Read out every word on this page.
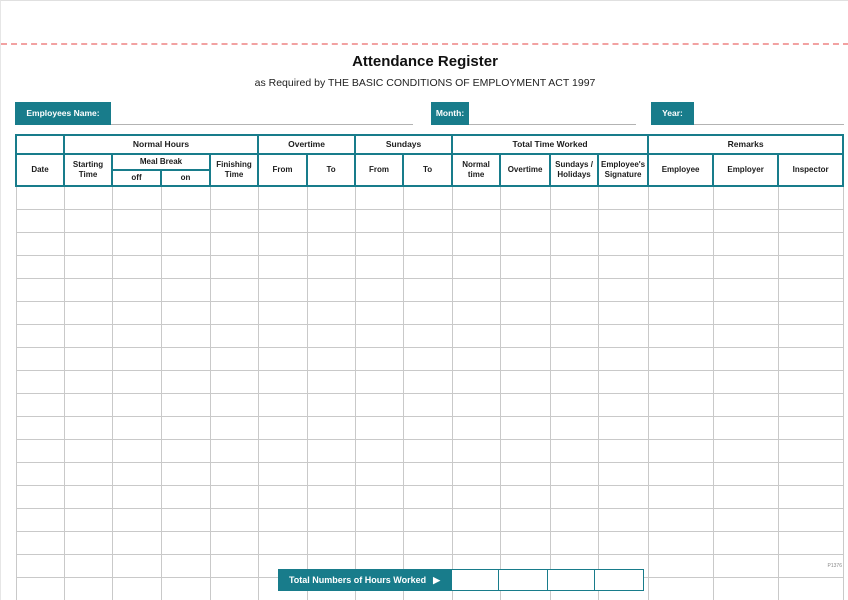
Attendance Register
as Required by THE BASIC CONDITIONS OF EMPLOYMENT ACT 1997
Employees Name:	Month:	Year:
	Normal Hours				Overtime		Sundays		Total Time Worked				Remarks		
Date	Starting Time	Meal Break		Finishing Time	From	To	From	To	Normal time	Overtime	Sundays / Holidays	Employee's Signature	Employee	Employer	Inspector
		off	on												

Total Numbers of Hours Worked ▶
P1376
